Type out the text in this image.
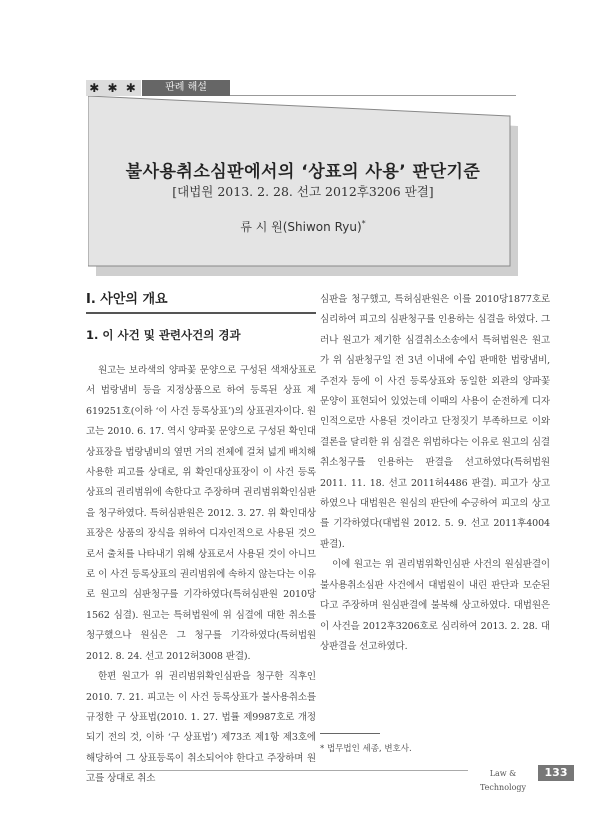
✱ ✱ ✱	판례 해설
불사용취소심판에서의 ‘상표의 사용’ 판단기준
[대법원 2013. 2. 28. 선고 2012후3206 판결]
류 시 원(Shiwon Ryu)*
I. 사안의 개요
1. 이 사건 및 관련사건의 경과

원고는 보라색의 양파꽃 문양으로 구성된 색채상표로서 법랑냄비 등을 지정상품으로 하여 등록된 상표 제619251호(이하 ‘이 사건 등록상표’)의 상표권자이다. 원고는 2010. 6. 17. 역시 양파꽃 문양으로 구성된 확인대상표장을 법랑냄비의 옆면 거의 전체에 걸쳐 넓게 배치해 사용한 피고를 상대로, 위 확인대상표장이 이 사건 등록상표의 권리범위에 속한다고 주장하며 권리범위확인심판을 청구하였다. 특허심판원은 2012. 3. 27. 위 확인대상표장은 상품의 장식을 위하여 디자인적으로 사용된 것으로서 출처를 나타내기 위해 상표로서 사용된 것이 아니므로 이 사건 등록상표의 권리범위에 속하지 않는다는 이유로 원고의 심판청구를 기각하였다(특허심판원 2010당1562 심결). 원고는 특허법원에 위 심결에 대한 취소를 청구했으나 원심은 그 청구를 기각하였다(특허법원 2012. 8. 24. 선고 2012허3008 판결).

한편 원고가 위 권리범위확인심판을 청구한 직후인 2010. 7. 21. 피고는 이 사건 등록상표가 불사용취소를 규정한 구 상표법(2010. 1. 27. 법률 제9987호로 개정되기 전의 것, 이하 ‘구 상표법’) 제73조 제1항 제3호에 해당하여 그 상표등록이 취소되어야 한다고 주장하며 원고를 상대로 취소

심판을 청구했고, 특허심판원은 이를 2010당1877호로 심리하여 피고의 심판청구를 인용하는 심결을 하였다. 그러나 원고가 제기한 심결취소소송에서 특허법원은 원고가 위 심판청구일 전 3년 이내에 수입 판매한 법랑냄비, 주전자 등에 이 사건 등록상표와 동일한 외관의 양파꽃 문양이 표현되어 있었는데 이때의 사용이 순전하게 디자인적으로만 사용된 것이라고 단정짓기 부족하므로 이와 결론을 달리한 위 심결은 위법하다는 이유로 원고의 심결취소청구를 인용하는 판결을 선고하였다(특허법원 2011. 11. 18. 선고 2011허4486 판결). 피고가 상고하였으나 대법원은 원심의 판단에 수긍하여 피고의 상고를 기각하였다(대법원 2012. 5. 9. 선고 2011후4004 판결).

이에 원고는 위 권리범위확인심판 사건의 원심판결이 불사용취소심판 사건에서 대법원이 내린 판단과 모순된다고 주장하며 원심판결에 불복해 상고하였다. 대법원은 이 사건을 2012후3206호로 심리하여 2013. 2. 28. 대상판결을 선고하였다.

* 법무법인 세종, 변호사.
Law & Technology
133
